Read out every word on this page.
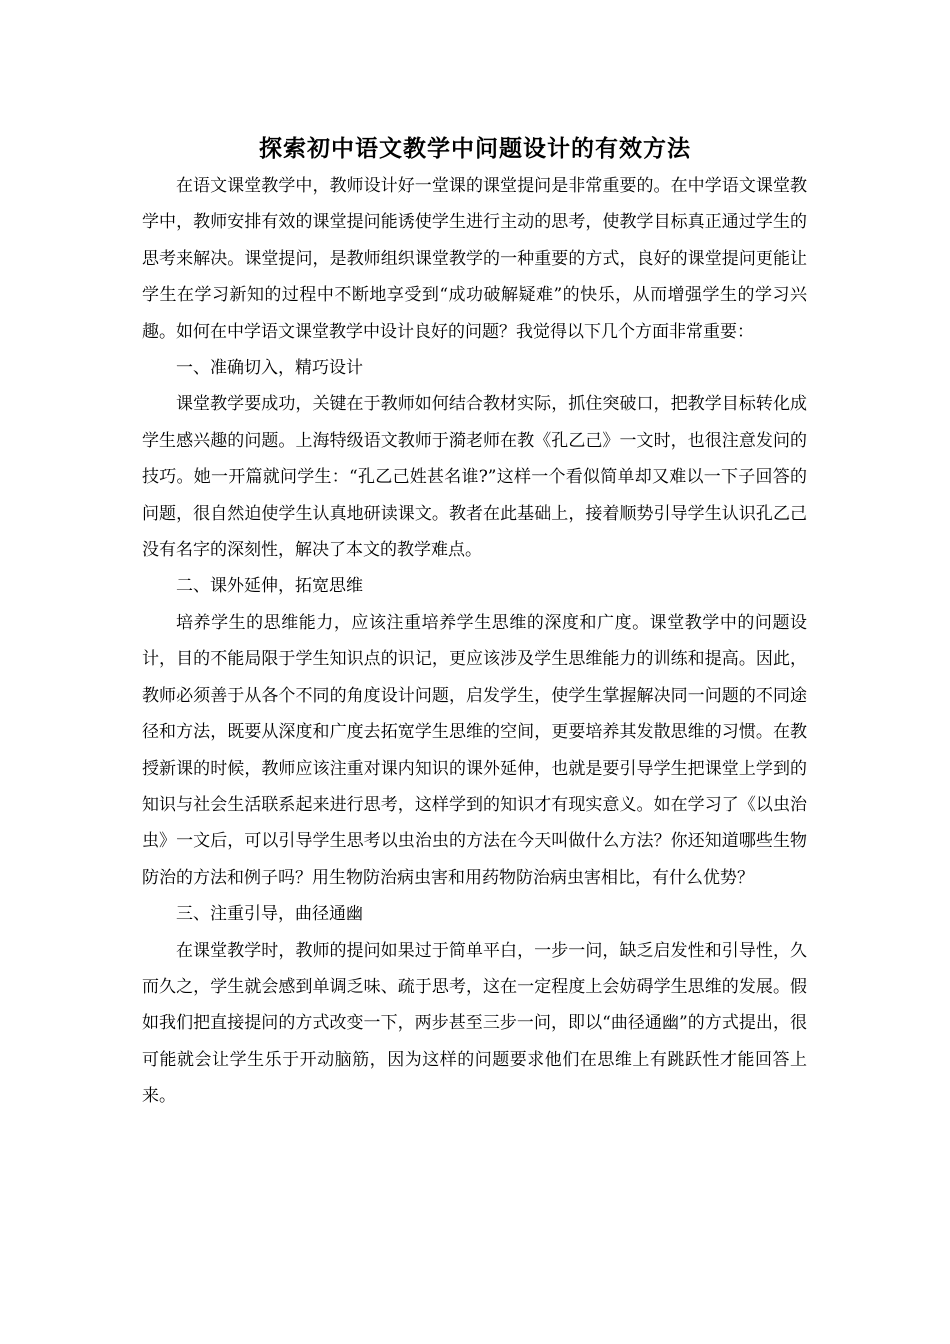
探索初中语文教学中问题设计的有效方法

在语文课堂教学中，教师设计好一堂课的课堂提问是非常重要的。在中学语文课堂教学中，教师安排有效的课堂提问能诱使学生进行主动的思考，使教学目标真正通过学生的思考来解决。课堂提问，是教师组织课堂教学的一种重要的方式，良好的课堂提问更能让学生在学习新知的过程中不断地享受到“成功破解疑难”的快乐，从而增强学生的学习兴趣。如何在中学语文课堂教学中设计良好的问题？我觉得以下几个方面非常重要：

一、准确切入，精巧设计

课堂教学要成功，关键在于教师如何结合教材实际，抓住突破口，把教学目标转化成学生感兴趣的问题。上海特级语文教师于漪老师在教《孔乙己》一文时，也很注意发问的技巧。她一开篇就问学生：“孔乙己姓甚名谁?”这样一个看似简单却又难以一下子回答的问题，很自然迫使学生认真地研读课文。教者在此基础上，接着顺势引导学生认识孔乙己没有名字的深刻性，解决了本文的教学难点。

二、课外延伸，拓宽思维

培养学生的思维能力，应该注重培养学生思维的深度和广度。课堂教学中的问题设计，目的不能局限于学生知识点的识记，更应该涉及学生思维能力的训练和提高。因此，教师必须善于从各个不同的角度设计问题，启发学生，使学生掌握解决同一问题的不同途径和方法，既要从深度和广度去拓宽学生思维的空间，更要培养其发散思维的习惯。在教授新课的时候，教师应该注重对课内知识的课外延伸，也就是要引导学生把课堂上学到的知识与社会生活联系起来进行思考，这样学到的知识才有现实意义。如在学习了《以虫治虫》一文后，可以引导学生思考以虫治虫的方法在今天叫做什么方法？你还知道哪些生物防治的方法和例子吗？用生物防治病虫害和用药物防治病虫害相比，有什么优势？

三、注重引导，曲径通幽

在课堂教学时，教师的提问如果过于简单平白，一步一问，缺乏启发性和引导性，久而久之，学生就会感到单调乏味、疏于思考，这在一定程度上会妨碍学生思维的发展。假如我们把直接提问的方式改变一下，两步甚至三步一问，即以“曲径通幽”的方式提出，很可能就会让学生乐于开动脑筋，因为这样的问题要求他们在思维上有跳跃性才能回答上来。
